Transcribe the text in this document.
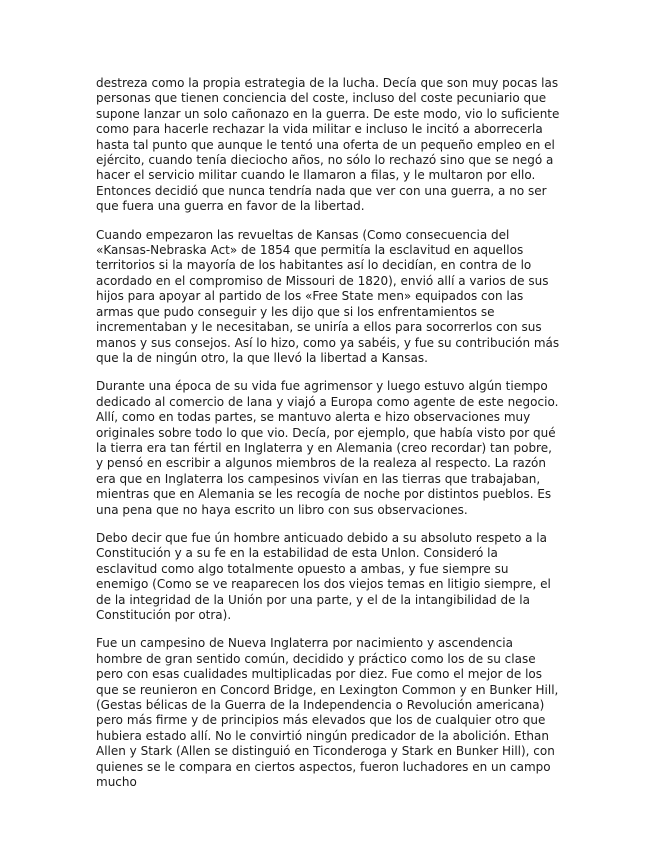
destreza como la propia estrategia de la lucha. Decía que son muy pocas las personas que tienen conciencia del coste, incluso del coste pecuniario que supone lanzar un solo cañonazo en la guerra. De este modo, vio lo suficiente como para hacerle rechazar la vida militar e incluso le incitó a aborrecerla hasta tal punto que aunque le tentó una oferta de un pequeño empleo en el ejército, cuando tenía dieciocho años, no sólo lo rechazó sino que se negó a hacer el servicio militar cuando le llamaron a filas, y le multaron por ello. Entonces decidió que nunca tendría nada que ver con una guerra, a no ser que fuera una guerra en favor de la libertad.

Cuando empezaron las revueltas de Kansas (Como consecuencia del «Kansas-Nebraska Act» de 1854 que permitía la esclavitud en aquellos territorios si la mayoría de los habitantes así lo decidían, en contra de lo acordado en el compromiso de Missouri de 1820), envió allí a varios de sus hijos para apoyar al partido de los «Free State men» equipados con las armas que pudo conseguir y les dijo que si los enfrentamientos se incrementaban y le necesitaban, se uniría a ellos para socorrerlos con sus manos y sus consejos. Así lo hizo, como ya sabéis, y fue su contribución más que la de ningún otro, la que llevó la libertad a Kansas.

Durante una época de su vida fue agrimensor y luego estuvo algún tiempo dedicado al comercio de lana y viajó a Europa como agente de este negocio. Allí, como en todas partes, se mantuvo alerta e hizo observaciones muy originales sobre todo lo que vio. Decía, por ejemplo, que había visto por qué la tierra era tan fértil en Inglaterra y en Alemania (creo recordar) tan pobre, y pensó en escribir a algunos miembros de la realeza al respecto. La razón era que en Inglaterra los campesinos vivían en las tierras que trabajaban, mientras que en Alemania se les recogía de noche por distintos pueblos. Es una pena que no haya escrito un libro con sus observaciones.

Debo decir que fue ún hombre anticuado debido a su absoluto respeto a la Constitución y a su fe en la estabilidad de esta Unlon. Consideró la esclavitud como algo totalmente opuesto a ambas, y fue siempre su enemigo (Como se ve reaparecen los dos viejos temas en litigio siempre, el de la integridad de la Unión por una parte, y el de la intangibilidad de la Constitución por otra).

Fue un campesino de Nueva Inglaterra por nacimiento y ascendencia hombre de gran sentido común, decidido y práctico como los de su clase pero con esas cualidades multiplicadas por diez. Fue como el mejor de los que se reunieron en Concord Bridge, en Lexington Common y en Bunker Hill, (Gestas bélicas de la Guerra de la Independencia o Revolución americana) pero más firme y de principios más elevados que los de cualquier otro que hubiera estado allí. No le convirtió ningún predicador de la abolición. Ethan Allen y Stark (Allen se distinguió en Ticonderoga y Stark en Bunker Hill), con quienes se le compara en ciertos aspectos, fueron luchadores en un campo mucho
